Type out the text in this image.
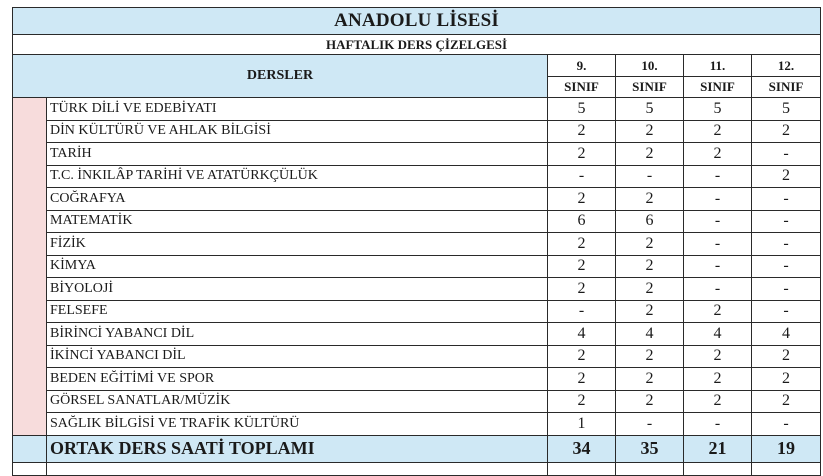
ANADOLU LİSESİ					
HAFTALIK DERS ÇİZELGESİ					
DERSLER		9.	10.	11.	12.
		SINIF	SINIF	SINIF	SINIF
	TÜRK DİLİ VE EDEBİYATI	5	5	5	5
	DİN KÜLTÜRÜ VE AHLAK BİLGİSİ	2	2	2	2
	TARİH	2	2	2	-
	T.C. İNKILÂP TARİHİ VE ATATÜRKÇÜLÜK	-	-	-	2
	COĞRAFYA	2	2	-	-
	MATEMATİK	6	6	-	-
	FİZİK	2	2	-	-
	KİMYA	2	2	-	-
	BİYOLOJİ	2	2	-	-
	FELSEFE	-	2	2	-
	BİRİNCİ YABANCI DİL	4	4	4	4
	İKİNCİ YABANCI DİL	2	2	2	2
	BEDEN EĞİTİMİ VE SPOR	2	2	2	2
	GÖRSEL SANATLAR/MÜZİK	2	2	2	2
	SAĞLIK BİLGİSİ VE TRAFİK KÜLTÜRÜ	1	-	-	-
	ORTAK DERS SAATİ TOPLAMI	34	35	21	19
